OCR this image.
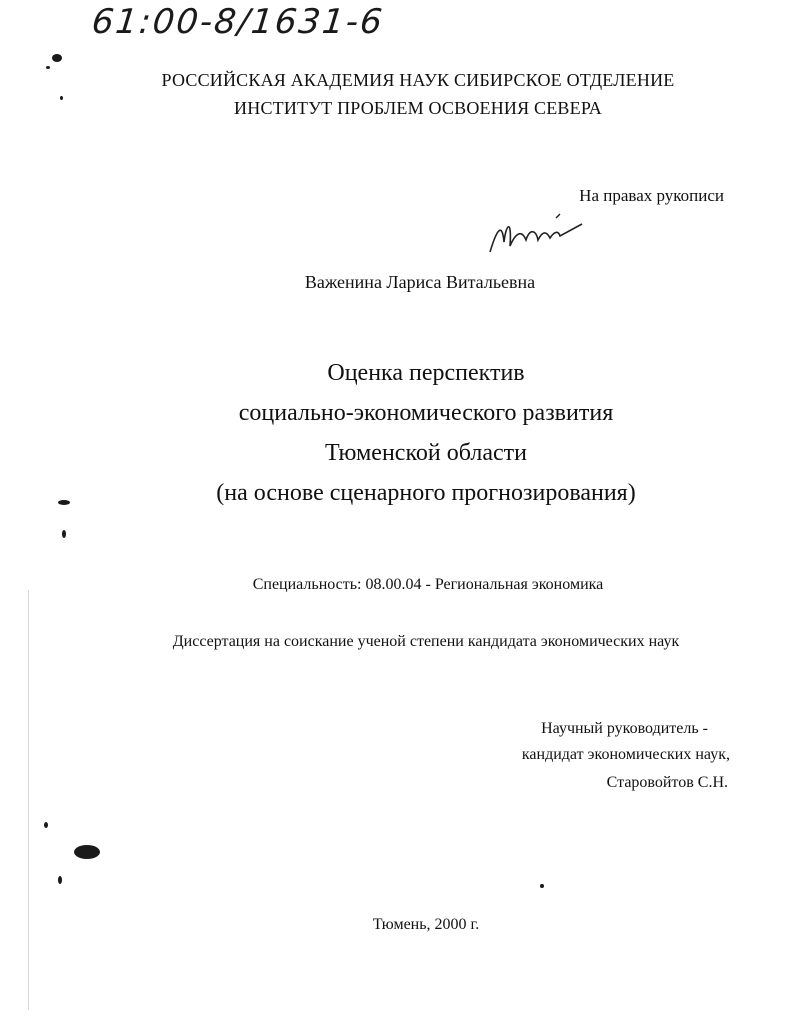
61:00-8/1631-6
РОССИЙСКАЯ АКАДЕМИЯ НАУК СИБИРСКОЕ ОТДЕЛЕНИЕ
ИНСТИТУТ ПРОБЛЕМ ОСВОЕНИЯ СЕВЕРА
На правах рукописи
Важенина Лариса Витальевна
Оценка перспектив
социально-экономического развития
Тюменской области
(на основе сценарного прогнозирования)
Специальность: 08.00.04 - Региональная экономика
Диссертация на соискание ученой степени кандидата экономических наук
Научный руководитель -
кандидат экономических наук,
Старовойтов С.Н.
Тюмень, 2000 г.
